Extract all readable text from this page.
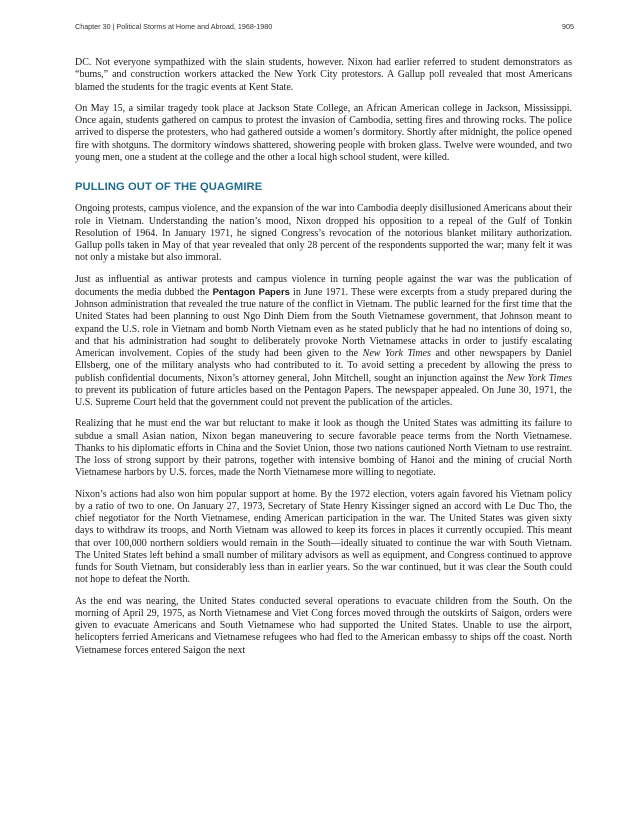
Chapter 30 | Political Storms at Home and Abroad, 1968-1980	905

DC. Not everyone sympathized with the slain students, however. Nixon had earlier referred to student demonstrators as “bums,” and construction workers attacked the New York City protestors. A Gallup poll revealed that most Americans blamed the students for the tragic events at Kent State.

On May 15, a similar tragedy took place at Jackson State College, an African American college in Jackson, Mississippi. Once again, students gathered on campus to protest the invasion of Cambodia, setting fires and throwing rocks. The police arrived to disperse the protesters, who had gathered outside a women’s dormitory. Shortly after midnight, the police opened fire with shotguns. The dormitory windows shattered, showering people with broken glass. Twelve were wounded, and two young men, one a student at the college and the other a local high school student, were killed.

PULLING OUT OF THE QUAGMIRE

Ongoing protests, campus violence, and the expansion of the war into Cambodia deeply disillusioned Americans about their role in Vietnam. Understanding the nation’s mood, Nixon dropped his opposition to a repeal of the Gulf of Tonkin Resolution of 1964. In January 1971, he signed Congress’s revocation of the notorious blanket military authorization. Gallup polls taken in May of that year revealed that only 28 percent of the respondents supported the war; many felt it was not only a mistake but also immoral.

Just as influential as antiwar protests and campus violence in turning people against the war was the publication of documents the media dubbed the Pentagon Papers in June 1971. These were excerpts from a study prepared during the Johnson administration that revealed the true nature of the conflict in Vietnam. The public learned for the first time that the United States had been planning to oust Ngo Dinh Diem from the South Vietnamese government, that Johnson meant to expand the U.S. role in Vietnam and bomb North Vietnam even as he stated publicly that he had no intentions of doing so, and that his administration had sought to deliberately provoke North Vietnamese attacks in order to justify escalating American involvement. Copies of the study had been given to the New York Times and other newspapers by Daniel Ellsberg, one of the military analysts who had contributed to it. To avoid setting a precedent by allowing the press to publish confidential documents, Nixon’s attorney general, John Mitchell, sought an injunction against the New York Times to prevent its publication of future articles based on the Pentagon Papers. The newspaper appealed. On June 30, 1971, the U.S. Supreme Court held that the government could not prevent the publication of the articles.

Realizing that he must end the war but reluctant to make it look as though the United States was admitting its failure to subdue a small Asian nation, Nixon began maneuvering to secure favorable peace terms from the North Vietnamese. Thanks to his diplomatic efforts in China and the Soviet Union, those two nations cautioned North Vietnam to use restraint. The loss of strong support by their patrons, together with intensive bombing of Hanoi and the mining of crucial North Vietnamese harbors by U.S. forces, made the North Vietnamese more willing to negotiate.

Nixon’s actions had also won him popular support at home. By the 1972 election, voters again favored his Vietnam policy by a ratio of two to one. On January 27, 1973, Secretary of State Henry Kissinger signed an accord with Le Duc Tho, the chief negotiator for the North Vietnamese, ending American participation in the war. The United States was given sixty days to withdraw its troops, and North Vietnam was allowed to keep its forces in places it currently occupied. This meant that over 100,000 northern soldiers would remain in the South—ideally situated to continue the war with South Vietnam. The United States left behind a small number of military advisors as well as equipment, and Congress continued to approve funds for South Vietnam, but considerably less than in earlier years. So the war continued, but it was clear the South could not hope to defeat the North.

As the end was nearing, the United States conducted several operations to evacuate children from the South. On the morning of April 29, 1975, as North Vietnamese and Viet Cong forces moved through the outskirts of Saigon, orders were given to evacuate Americans and South Vietnamese who had supported the United States. Unable to use the airport, helicopters ferried Americans and Vietnamese refugees who had fled to the American embassy to ships off the coast. North Vietnamese forces entered Saigon the next
